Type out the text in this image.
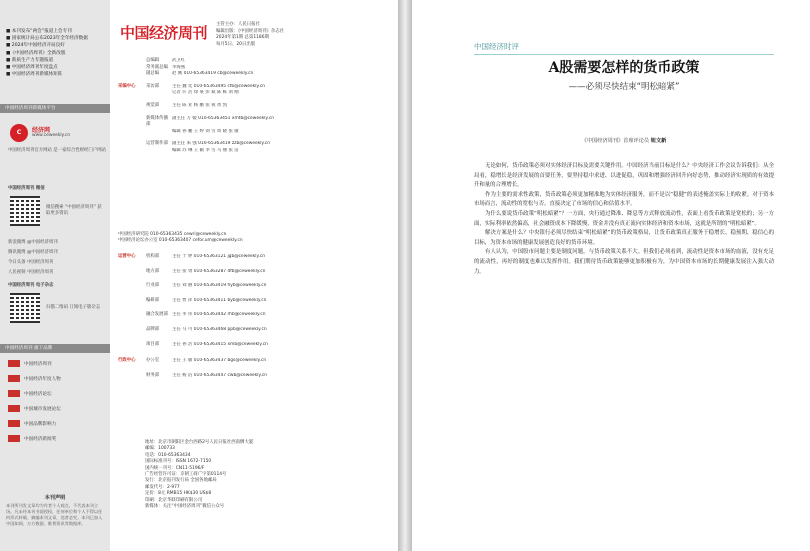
■ 本刊发布“两会”报道上会专刊
■ 国家统计局公布2023年全年经济数据
■ 2024年中国经济开局良好
■《中国经济周刊》全新改版
■ 新质生产力专题报道
■ 中国经济周刊年度盘点
■ 中国经济周刊新媒体矩阵
中国经济周刊新媒体平台
C	经济网
www.ceweekly.cn
中国经济周刊官方网站 是一家综合性财经门户网站
中国经济周刊 微信
微信搜索 “中国经济周刊” 获取更多资讯
新浪微博 @中国经济周刊
腾讯微博 @中国经济周刊
今日头条 中国经济周刊
人民视频 中国经济周刊
中国经济周刊 电子杂志
扫描二维码 订阅电子版杂志
中国经济周刊 旗下品牌
中国经济周刊
中国经济年度人物
中国经济论坛
中国城市发展论坛
中国品牌影响力
中国经济新闻奖
本刊声明
本刊所刊发文章均为作者个人观点，不代表本刊立场。凡未经本刊书面授权，任何单位和个人不得以任何形式转载、摘编本刊文章，违者必究。本刊已加入中国知网、万方数据、维普资讯等数据库。
中国经济周刊	主管主办：人民日报社
编辑出版：《中国经济周刊》杂志社
2024年第1期 总第1186期
每月5日、20日出版
总编辑	武卫红
常务副总编 李海燕
副总编	赵 刚 010-65363419 cb@ceweekly.cn
采编中心	采访部	主任 魏 奕 010-65363495 cfb@ceweekly.cn
记者 许 浩 徐 豪 彭 斌 陈 栋 刘 刚
视觉部	主任 陈 亚 杨 鹏 张 锐 黄 凯
新媒体传播部
副主任 万 媛 010-65363451 xmtb@ceweekly.cn
编辑 孙 鹏 王 婷 刘 雪 周 晓 张 敏
运营制作部 副主任 朱 强 010-65363419 zzb@ceweekly.cn
编辑 苏 琳 王 颖 李 雪 马 丽 张 洁
中国经济研究院 010-65363435 cewri@ceweekly.cn
中国经济论坛办公室 010-65363407 cefor.um@ceweekly.cn
运营中心	机构部	主任 于 婷 010-65363121 jgb@ceweekly.cn
地方部	主任 张 勇 010-65363287 dfb@ceweekly.cn
行业部	主任 刘 丽 010-65363419 hyb@ceweekly.cn
编研部	主任 贾 萍 010-65363411 byb@ceweekly.cn
融合发展部 主任 李 伟 010-65363442 rhb@ceweekly.cn
品牌部	主任 马 可 010-65363468 ppb@ceweekly.cn
项目部	主任 孙 浩 010-65363415 xmb@ceweekly.cn
行政中心	办公室	主任 王 敏 010-65363437 bgs@ceweekly.cn
财务部	主任 杨 洁 010-65363447 cwb@ceweekly.cn
地址：北京市朝阳区金台西路2号人民日报社西南侧大厦
邮编：100733
电话：010-65363434
国际标准刊号：ISSN 1672-7150
国内统一刊号：CN11-5196/F
广告经营许可证：京朝工商广字第0114号
发行：北京报刊发行局 全国各地邮局
邮发代号：2-977
定价：8元 RMB15 HK$30 US$8
印刷：北京华联印刷有限公司
新媒体：关注“中国经济周刊”微信公众号
中国经济时评
A股需要怎样的货币政策
——必须尽快结束“明松暗紧”
《中国经济周刊》首席评论员 钮文新

无论如何，货币政策必须对实体经济目标及需要关键作用。中国经济当前目标是什么？中央经济工作会议告诉我们：从全局看，稳增长是经济发展的首要任务，要坚持稳中求进、以进促稳，巩固和增强经济回升向好态势，推动经济实现质的有效提升和量的合理增长。

作为主要的需求性政策，货币政策必须更加精准地为实体经济服务，而不是以“稳健”的表述掩盖实际上的收紧。对于资本市场而言，流动性的宽松与否，直接决定了市场的信心和估值水平。

为什么要说货币政策“明松暗紧”？一方面，央行通过降准、降息等方式释放流动性，表面上看货币政策是宽松的；另一方面，实际利率依然偏高，社会融资成本下降缓慢，资金并没有真正流向实体经济和资本市场，这就是所谓的“明松暗紧”。

解决方案是什么？中央银行必须尽快结束“明松暗紧”的货币政策格局，让货币政策真正服务于稳增长、稳预期、稳信心的目标，为资本市场的健康发展创造良好的货币环境。

有人认为，中国股市问题主要是制度问题，与货币政策关系不大。但我们必须看到，流动性是资本市场的血液，没有充足的流动性，再好的制度也难以发挥作用。我们期待货币政策能够更加积极有为，为中国资本市场的长期健康发展注入强大动力。
